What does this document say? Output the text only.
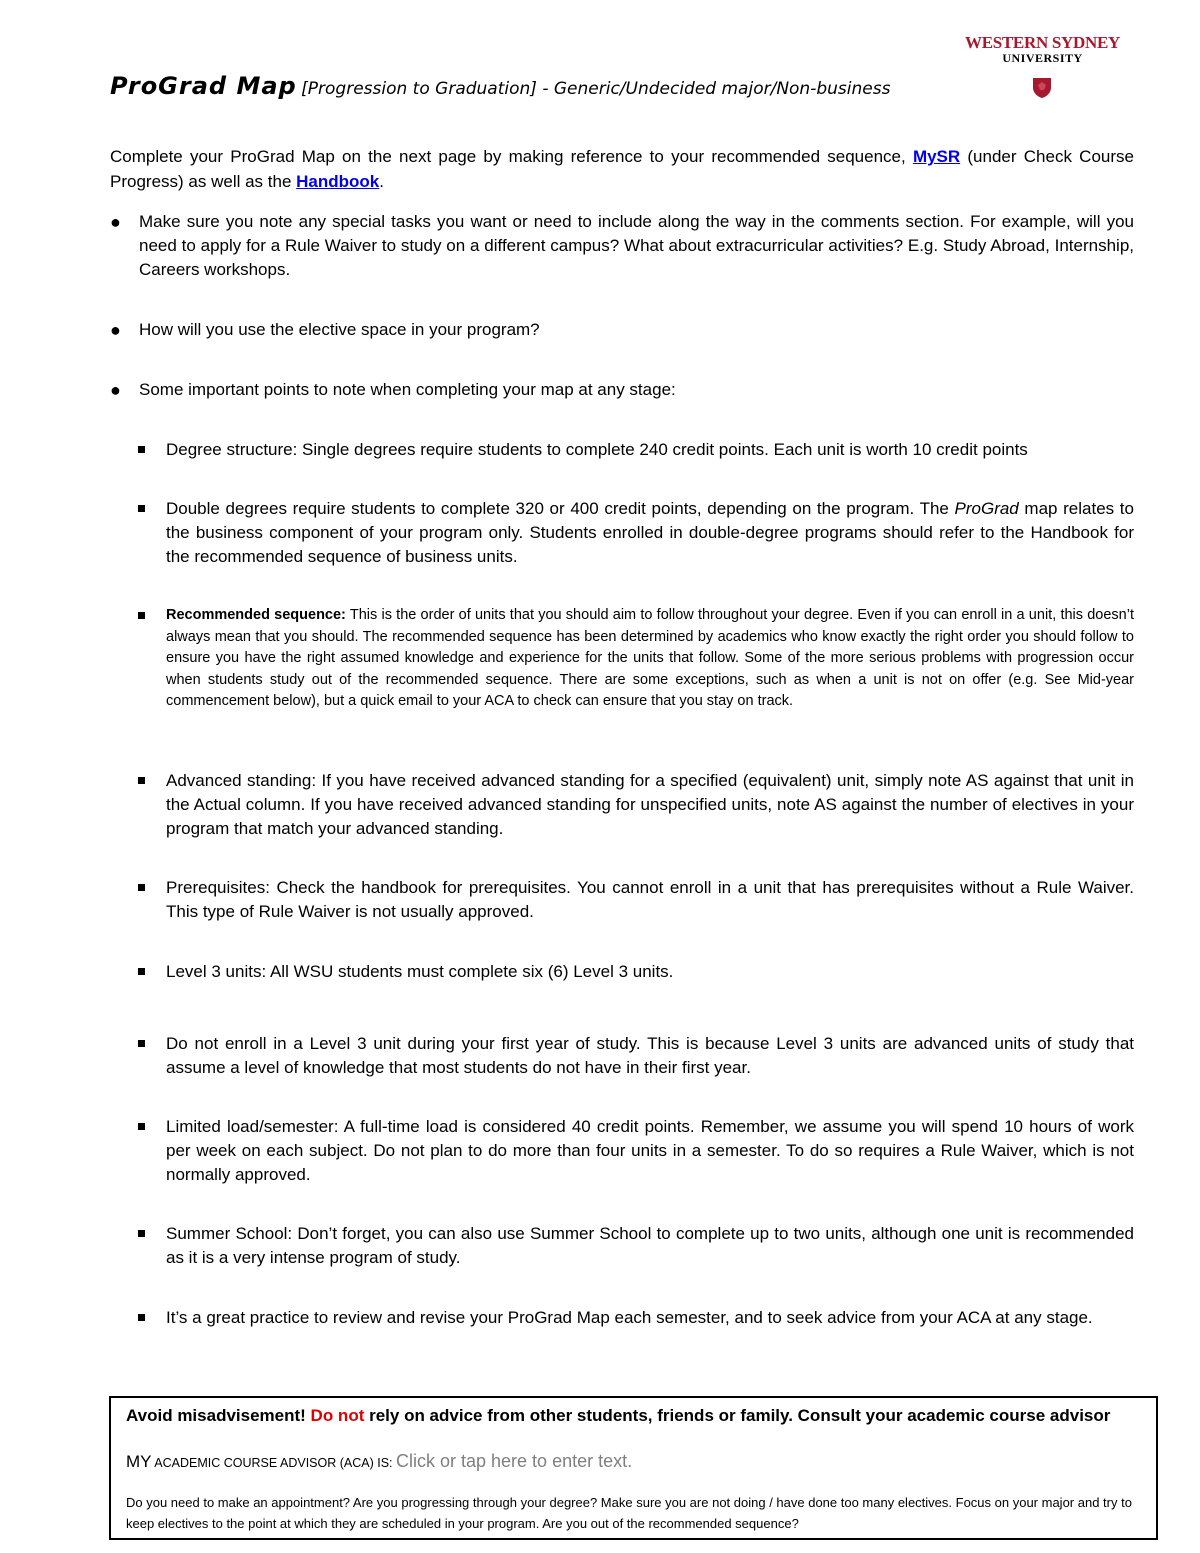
WESTERN SYDNEY
UNIVERSITY
ProGrad Map [Progression to Graduation] - Generic/Undecided major/Non-business
Complete your ProGrad Map on the next page by making reference to your recommended sequence, MySR (under Check Course Progress) as well as the Handbook.
● Make sure you note any special tasks you want or need to include along the way in the comments section. For example, will you need to apply for a Rule Waiver to study on a different campus? What about extracurricular activities? E.g. Study Abroad, Internship, Careers workshops.
● How will you use the elective space in your program?
● Some important points to note when completing your map at any stage:
Degree structure: Single degrees require students to complete 240 credit points. Each unit is worth 10 credit points
Double degrees require students to complete 320 or 400 credit points, depending on the program. The ProGrad map relates to the business component of your program only. Students enrolled in double-degree programs should refer to the Handbook for the recommended sequence of business units.
Recommended sequence: This is the order of units that you should aim to follow throughout your degree. Even if you can enroll in a unit, this doesn’t always mean that you should. The recommended sequence has been determined by academics who know exactly the right order you should follow to ensure you have the right assumed knowledge and experience for the units that follow. Some of the more serious problems with progression occur when students study out of the recommended sequence. There are some exceptions, such as when a unit is not on offer (e.g. See Mid-year commencement below), but a quick email to your ACA to check can ensure that you stay on track.
Advanced standing: If you have received advanced standing for a specified (equivalent) unit, simply note AS against that unit in the Actual column. If you have received advanced standing for unspecified units, note AS against the number of electives in your program that match your advanced standing.
Prerequisites: Check the handbook for prerequisites. You cannot enroll in a unit that has prerequisites without a Rule Waiver. This type of Rule Waiver is not usually approved.
Level 3 units: All WSU students must complete six (6) Level 3 units.
Do not enroll in a Level 3 unit during your first year of study. This is because Level 3 units are advanced units of study that assume a level of knowledge that most students do not have in their first year.
Limited load/semester: A full-time load is considered 40 credit points. Remember, we assume you will spend 10 hours of work per week on each subject. Do not plan to do more than four units in a semester. To do so requires a Rule Waiver, which is not normally approved.
Summer School: Don’t forget, you can also use Summer School to complete up to two units, although one unit is recommended as it is a very intense program of study.
It’s a great practice to review and revise your ProGrad Map each semester, and to seek advice from your ACA at any stage.
Avoid misadvisement! Do not rely on advice from other students, friends or family. Consult your academic course advisor
MY ACADEMIC COURSE ADVISOR (ACA) IS: Click or tap here to enter text.
Do you need to make an appointment? Are you progressing through your degree? Make sure you are not doing / have done too many electives. Focus on your major and try to keep electives to the point at which they are scheduled in your program. Are you out of the recommended sequence?
